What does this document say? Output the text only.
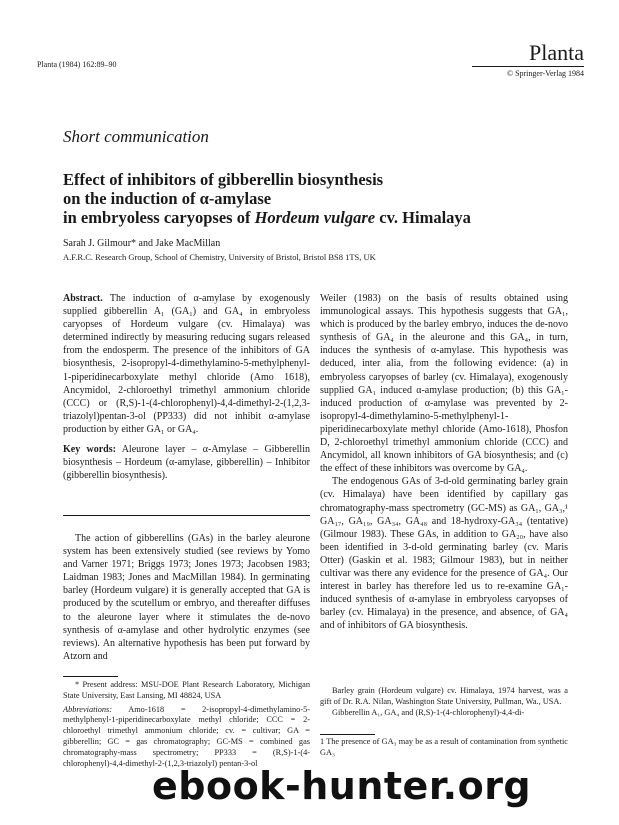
Planta (1984) 162:89–90	Planta
© Springer-Verlag 1984
Short communication
Effect of inhibitors of gibberellin biosynthesis
on the induction of α-amylase
in embryoless caryopses of Hordeum vulgare cv. Himalaya
Sarah J. Gilmour* and Jake MacMillan
A.F.R.C. Research Group, School of Chemistry, University of Bristol, Bristol BS8 1TS, UK

Abstract. The induction of α-amylase by exogenously supplied gibberellin A₁ (GA₁) and GA₄ in embryoless caryopses of Hordeum vulgare (cv. Himalaya) was determined indirectly by measuring reducing sugars released from the endosperm. The presence of the inhibitors of GA biosynthesis, 2-isopropyl-4-dimethylamino-5-methylphenyl-1-piperidinecarboxylate methyl chloride (Amo 1618), Ancymidol, 2-chloroethyl trimethyl ammonium chloride (CCC) or (R,S)-1-(4-chlorophenyl)-4,4-dimethyl-2-(1,2,3-triazolyl)pentan-3-ol (PP333) did not inhibit α-amylase production by either GA₁ or GA₄.

Key words: Aleurone layer – α-Amylase – Gibberellin biosynthesis – Hordeum (α-amylase, gibberellin) – Inhibitor (gibberellin biosynthesis).

The action of gibberellins (GAs) in the barley aleurone system has been extensively studied (see reviews by Yomo and Varner 1971; Briggs 1973; Jones 1973; Jacobsen 1983; Laidman 1983; Jones and MacMillan 1984). In germinating barley (Hordeum vulgare) it is generally accepted that GA is produced by the scutellum or embryo, and thereafter diffuses to the aleurone layer where it stimulates the de-novo synthesis of α-amylase and other hydrolytic enzymes (see reviews). An alternative hypothesis has been put forward by Atzorn and

* Present address: MSU-DOE Plant Research Laboratory, Michigan State University, East Lansing, MI 48824, USA

Abbreviations: Amo-1618 = 2-isopropyl-4-dimethylamino-5-methylphenyl-1-piperidinecarboxylate methyl chloride; CCC = 2-chloroethyl trimethyl ammonium chloride; cv. = cultivar; GA = gibberellin; GC = gas chromatography; GC-MS = combined gas chromatography-mass spectrometry; PP333 = (R,S)-1-(4-chlorophenyl)-4,4-dimethyl-2-(1,2,3-triazolyl) pentan-3-ol

Weiler (1983) on the basis of results obtained using immunological assays. This hypothesis suggests that GA₁, which is produced by the barley embryo, induces the de-novo synthesis of GA₄ in the aleurone and this GA₄, in turn, induces the synthesis of α-amylase. This hypothesis was deduced, inter alia, from the following evidence: (a) in embryoless caryopses of barley (cv. Himalaya), exogenously supplied GA₁ induced α-amylase production; (b) this GA₁-induced production of α-amylase was prevented by 2-isopropyl-4-dimethylamino-5-methylphenyl-1-piperidinecarboxylate methyl chloride (Amo-1618), Phosfon D, 2-chloroethyl trimethyl ammonium chloride (CCC) and Ancymidol, all known inhibitors of GA biosynthesis; and (c) the effect of these inhibitors was overcome by GA₄.

The endogenous GAs of 3-d-old germinating barley grain (cv. Himalaya) have been identified by capillary gas chromatography-mass spectrometry (GC-MS) as GA₁, GA₃,¹ GA₁₇, GA₁₉, GA₃₄, GA₄₈ and 18-hydroxy-GA₃₄ (tentative) (Gilmour 1983). These GAs, in addition to GA₂₀, have also been identified in 3-d-old germinating barley (cv. Maris Otter) (Gaskin et al. 1983; Gilmour 1983), but in neither cultivar was there any evidence for the presence of GA₄. Our interest in barley has therefore led us to re-examine GA₁-induced synthesis of α-amylase in embryoless caryopses of barley (cv. Himalaya) in the presence, and absence, of GA₄ and of inhibitors of GA biosynthesis.

Barley grain (Hordeum vulgare) cv. Himalaya, 1974 harvest, was a gift of Dr. R.A. Nilan, Washington State University, Pullman, Wa., USA.

Gibberellin A₁, GA₄ and (R,S)-1-(4-chlorophenyl)-4,4-di-

1 The presence of GA₃ may be as a result of contamination from synthetic GA₃
ebook-hunter.org
